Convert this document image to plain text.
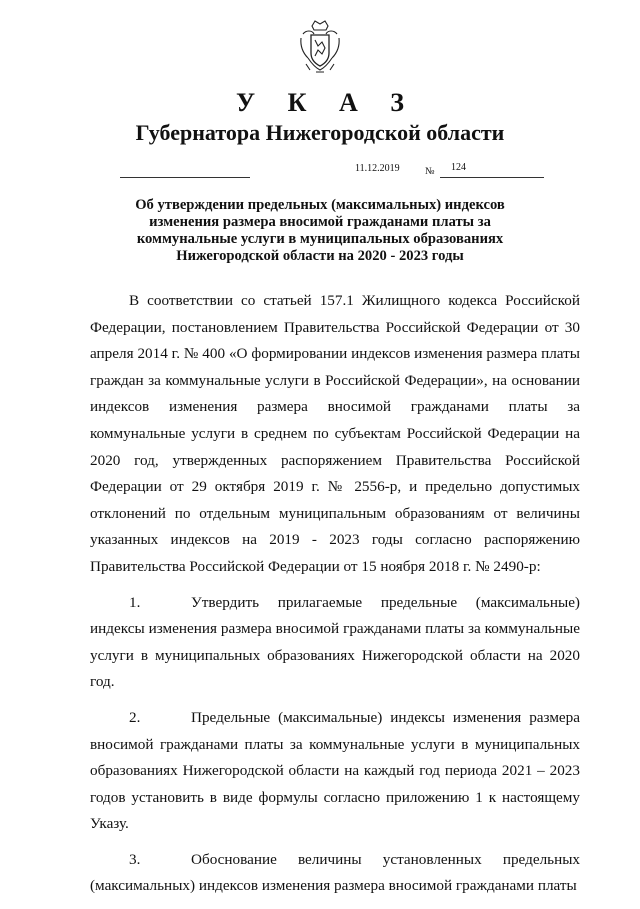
У К А З
Губернатора Нижегородской области
11.12.2019	№ 124
Об утверждении предельных (максимальных) индексов изменения размера вносимой гражданами платы за коммунальные услуги в муниципальных образованиях Нижегородской области на 2020 - 2023 годы

В соответствии со статьей 157.1 Жилищного кодекса Российской Федерации, постановлением Правительства Российской Федерации от 30 апреля 2014 г. № 400 «О формировании индексов изменения размера платы граждан за коммунальные услуги в Российской Федерации», на основании индексов изменения размера вносимой гражданами платы за коммунальные услуги в среднем по субъектам Российской Федерации на 2020 год, утвержденных распоряжением Правительства Российской Федерации от 29 октября 2019 г. № 2556-р, и предельно допустимых отклонений по отдельным муниципальным образованиям от величины указанных индексов на 2019 - 2023 годы согласно распоряжению Правительства Российской Федерации от 15 ноября 2018 г. № 2490-р:

1.	Утвердить прилагаемые предельные (максимальные) индексы изменения размера вносимой гражданами платы за коммунальные услуги в муниципальных образованиях Нижегородской области на 2020 год.

2.	Предельные (максимальные) индексы изменения размера вносимой гражданами платы за коммунальные услуги в муниципальных образованиях Нижегородской области на каждый год периода 2021 – 2023 годов установить в виде формулы согласно приложению 1 к настоящему Указу.

3.	Обоснование величины установленных предельных (максимальных) индексов изменения размера вносимой гражданами платы
